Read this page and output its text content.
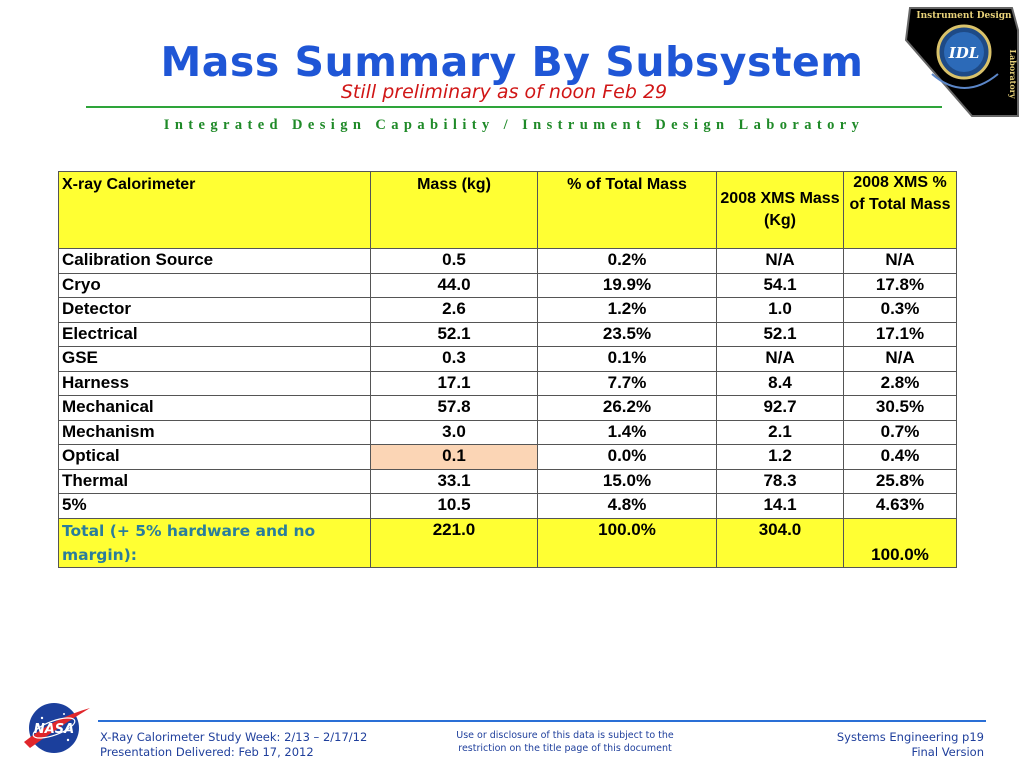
Mass Summary By Subsystem
Still preliminary as of noon Feb 29
Integrated Design Capability / Instrument Design Laboratory
Instrument Design
IDL	Laboratory
X-ray Calorimeter	Mass (kg)	% of Total Mass	2008 XMS Mass (Kg)	2008 XMS % of Total Mass
Calibration Source	0.5	0.2%	N/A	N/A
Cryo	44.0	19.9%	54.1	17.8%
Detector	2.6	1.2%	1.0	0.3%
Electrical	52.1	23.5%	52.1	17.1%
GSE	0.3	0.1%	N/A	N/A
Harness	17.1	7.7%	8.4	2.8%
Mechanical	57.8	26.2%	92.7	30.5%
Mechanism	3.0	1.4%	2.1	0.7%
Optical	0.1	0.0%	1.2	0.4%
Thermal	33.1	15.0%	78.3	25.8%
5%	10.5	4.8%	14.1	4.63%
Total (+ 5% hardware and no margin):	221.0	100.0%	304.0	100.0%
NASA X-Ray Calorimeter Study Week: 2/13 – 2/17/12
Presentation Delivered: Feb 17, 2012
Use or disclosure of this data is subject to the
restriction on the title page of this document
Systems Engineering p19
Final Version
